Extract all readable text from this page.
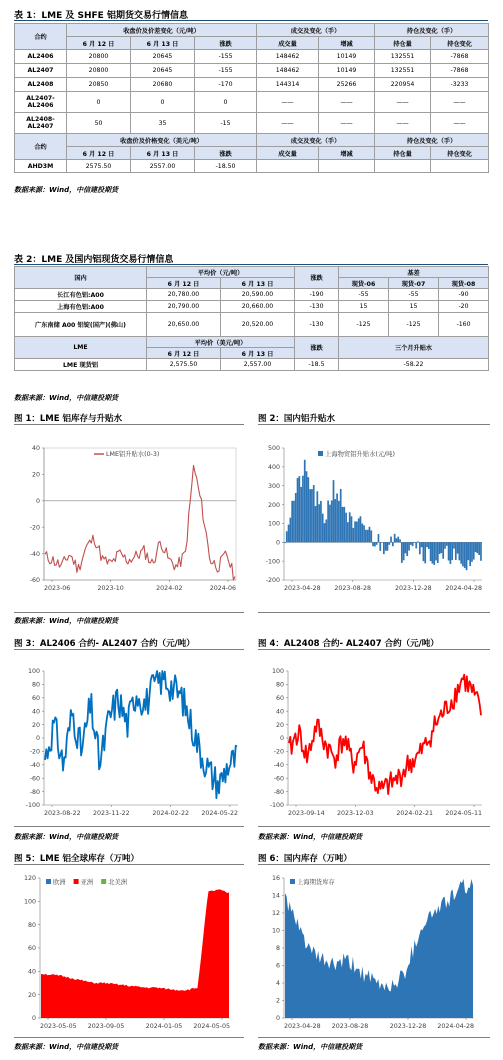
表 1：LME 及 SHFE 铝期货交易行情信息
合约	收盘价及价差变化（元/吨）			成交及变化（手）		持仓及变化（手）	
	6 月 12 日	6 月 13 日	涨跌	成交量	增减	持仓量	持仓变化
AL2406	20800	20645	-155	148462	10149	132551	-7868
AL2407	20800	20645	-155	148462	10149	132551	-7868
AL2408	20850	20680	-170	144314	25266	220954	-3233
AL2407-AL2406	0	0	0	——	——	——	——
AL2408-AL2407	50	35	-15	——	——	——	——
合约	收盘价及价格变化（美元/吨）			成交及变化（手）		持仓及变化（手）	
	6 月 12 日	6 月 13 日	涨跌	成交量	增减	持仓量	持仓变化
AHD3M	2575.50	2557.00	-18.50				
数据来源：Wind，中信建投期货
表 2：LME 及国内铝现货交易行情信息
国内	平均价（元/吨）		涨跌	基差		
	6 月 12 日	6 月 13 日		现货-06	现货-07	现货-08
长江有色铝:A00	20,780.00	20,590.00	-190	-55	-55	-90
上海有色铝:A00	20,790.00	20,660.00	-130	15	15	-20
广东南储 A00 铝锭(国产)(佛山)	20,650.00	20,520.00	-130	-125	-125	-160
LME	平均价（美元/吨）		涨跌	三个月升贴水		
	6 月 12 日	6 月 13 日				
LME 现货铝	2,575.50	2,557.00	-18.5	-58.22		
数据来源：Wind，中信建投期货
图 1：LME 铝库存与升贴水	图 2：国内铝升贴水
40
20
0
-20
-40
-60
2023-06	2023-10	2024-02	2024-06
LME铝升贴水(0-3)
500
400
300
200
100
0
-100
-200
2023-04-28 2023-08-28	2023-12-28 2024-04-28
上海物贸铝升贴水(元/吨)
数据来源：Wind，中信建投期货
图 3：AL2406 合约- AL2407 合约（元/吨）	图 4：AL2408 合约- AL2407 合约（元/吨）
100
80
60
40
20
0
-20
-40
-60
-80
-100
2023-08-22 2023-11-22	2024-02-22 2024-05-22
100
80
60
40
20
0
-20
-40
-60
-80
-100
2023-09-14 2023-12-03	2024-02-21 2024-05-11
数据来源：Wind，中信建投期货	数据来源：Wind，中信建投期货
图 5：LME 铝全球库存（万吨）	图 6：国内库存（万吨）
120
100
80
60
40
20
0
2023-05-05 2023-09-05	2024-01-05 2024-05-05
欧洲 亚洲 北美洲
16
14
12
10
8
6
4
2
0
2023-04-28 2023-08-28	2023-12-28 2024-04-28
上海期货库存
数据来源：Wind，中信建投期货	数据来源：Wind，中信建投期货
